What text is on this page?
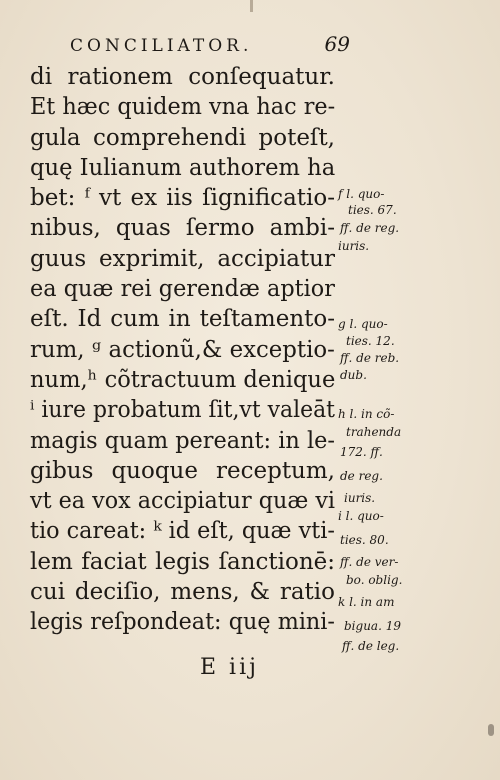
CONCILIATOR.	69
di rationem conſequatur.
Et hæc quidem vna hac re-
gula comprehendi poteſt,
quę Iulianum authorem ha
bet: ᶠ vt ex iis ſignificatio-
nibus, quas ſermo ambi-
guus exprimit, accipiatur
ea quæ rei gerendæ aptior
eſt. Id cum in teſtamento-
rum, ᵍ actionũ,& exceptio-
num,ʰ cõtractuum denique
ⁱ iure probatum ſit,vt valeāt
magis quam pereant: in le-
gibus quoque receptum,
vt ea vox accipiatur quæ vi
tio careat: ᵏ id eſt, quæ vti-
lem faciat legis ſanctionē:
cui deciſio, mens, & ratio
legis reſpondeat: quę mini-
f l. quo-
ties. 67.
ff. de reg.
iuris.
g l. quo-
ties. 12.
ff. de reb.
dub.
h l. in cõ-
trahenda
172. ff.
de reg.
iuris.
i l. quo-
ties. 80.
ff. de ver-
bo. oblig.
k l. in am
bigua. 19
ff. de leg.
E iij
